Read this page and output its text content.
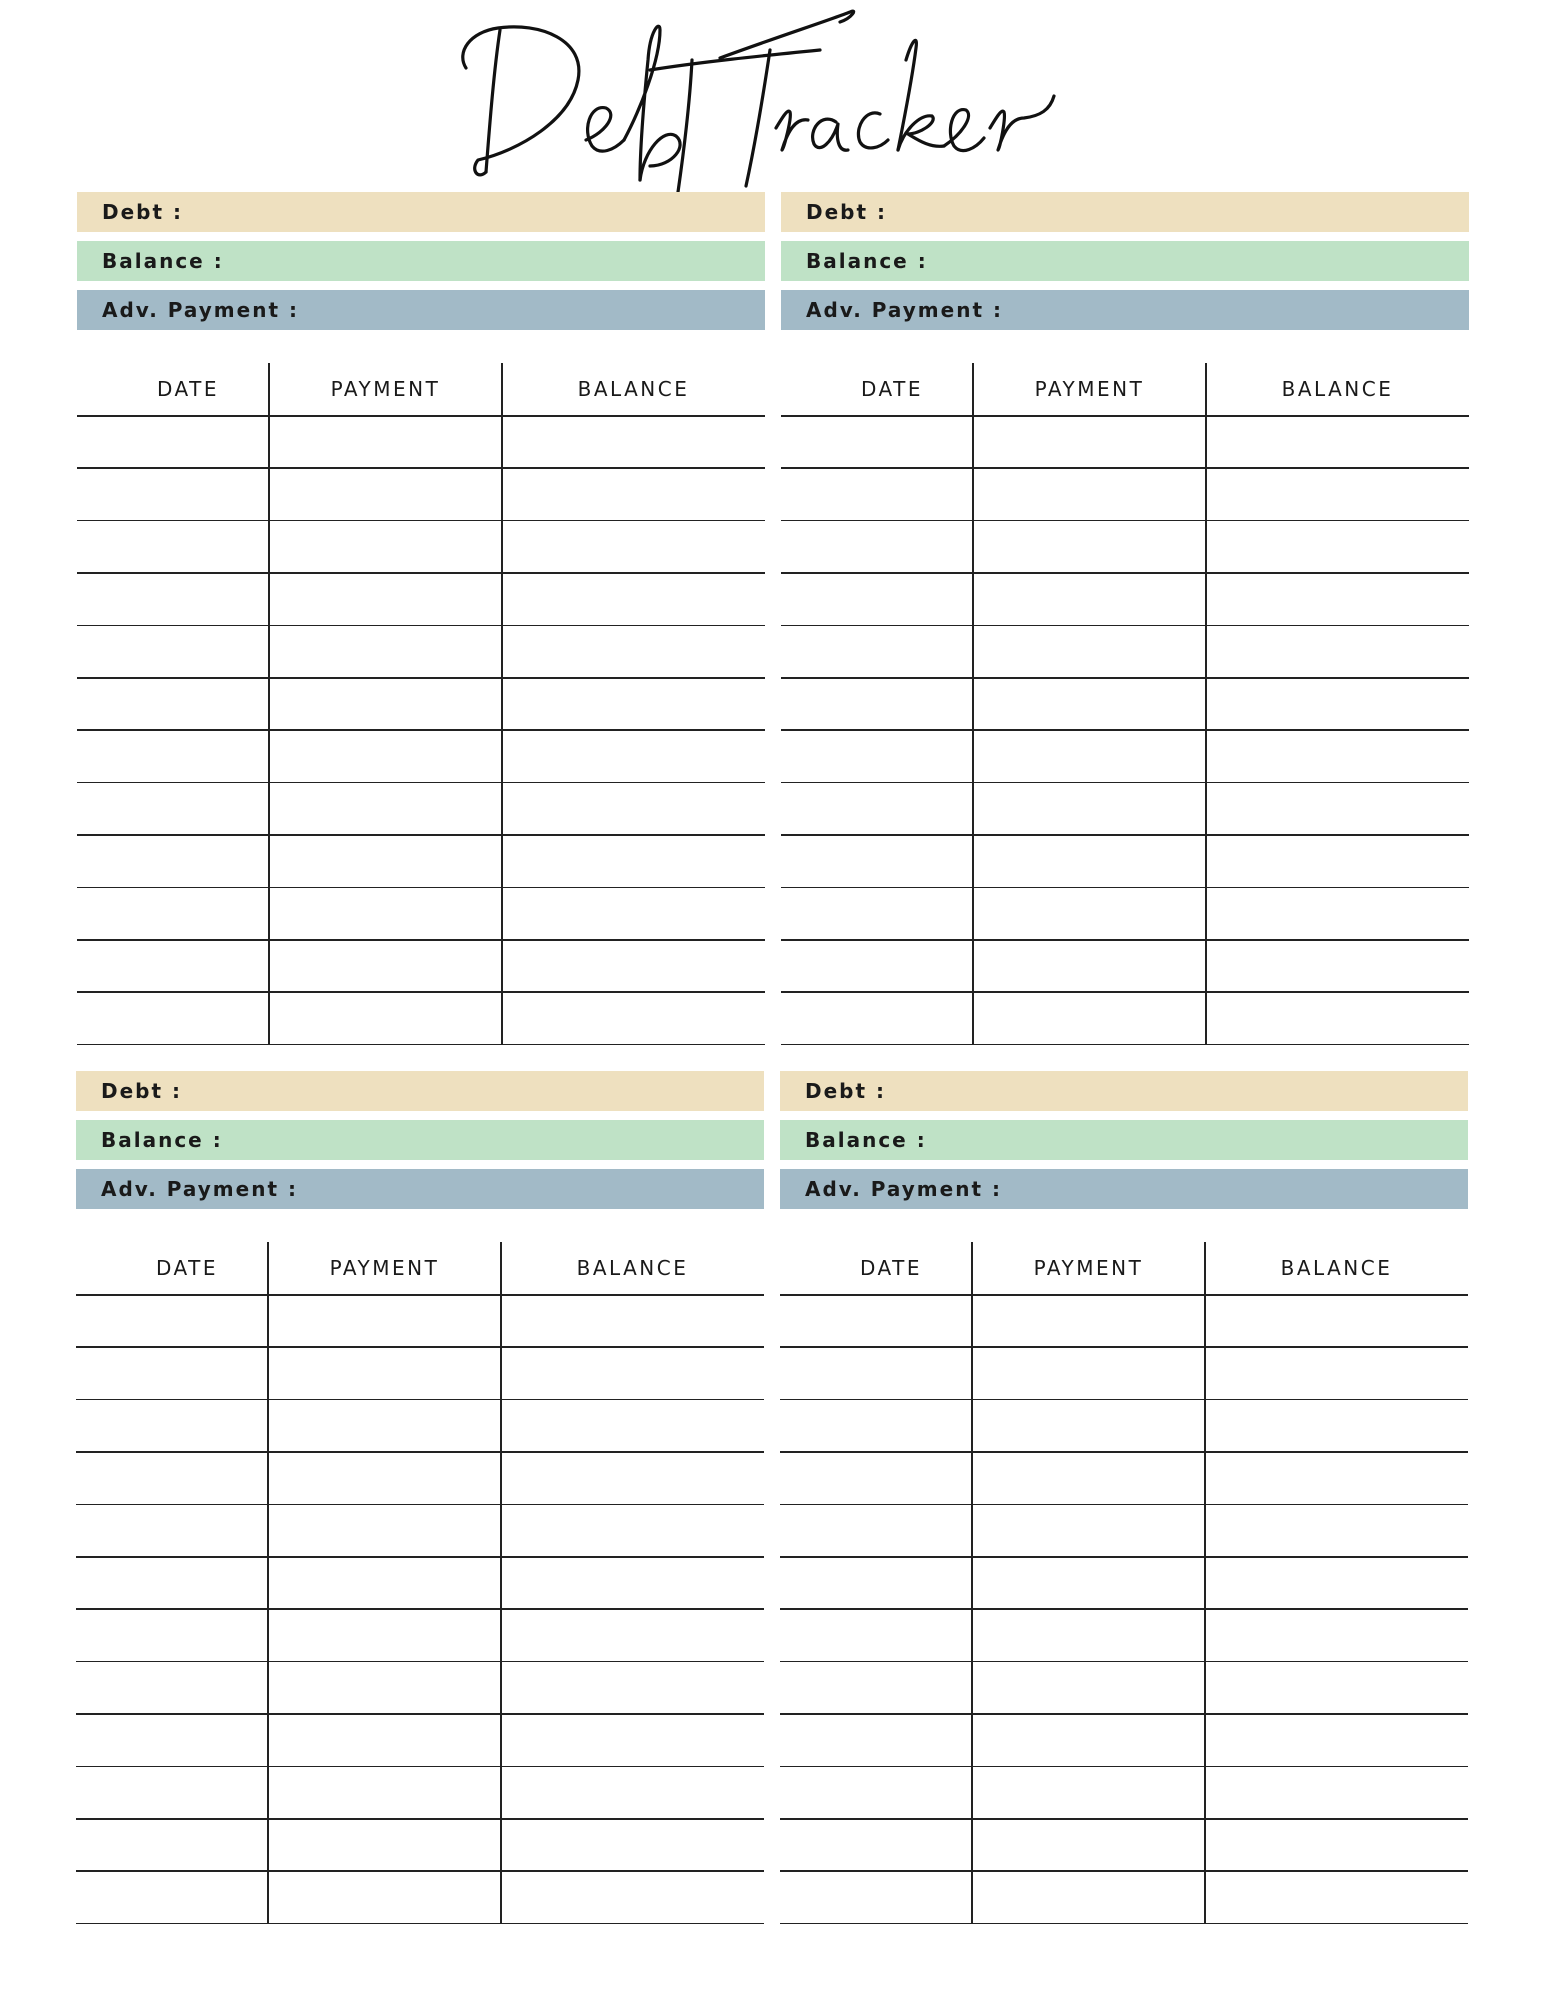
Debt :
Balance :
Adv. Payment :
DATE	PAYMENT	BALANCE
Debt :
Balance :
Adv. Payment :
DATE	PAYMENT	BALANCE
Debt :
Balance :
Adv. Payment :
DATE	PAYMENT	BALANCE
Debt :
Balance :
Adv. Payment :
DATE	PAYMENT	BALANCE
